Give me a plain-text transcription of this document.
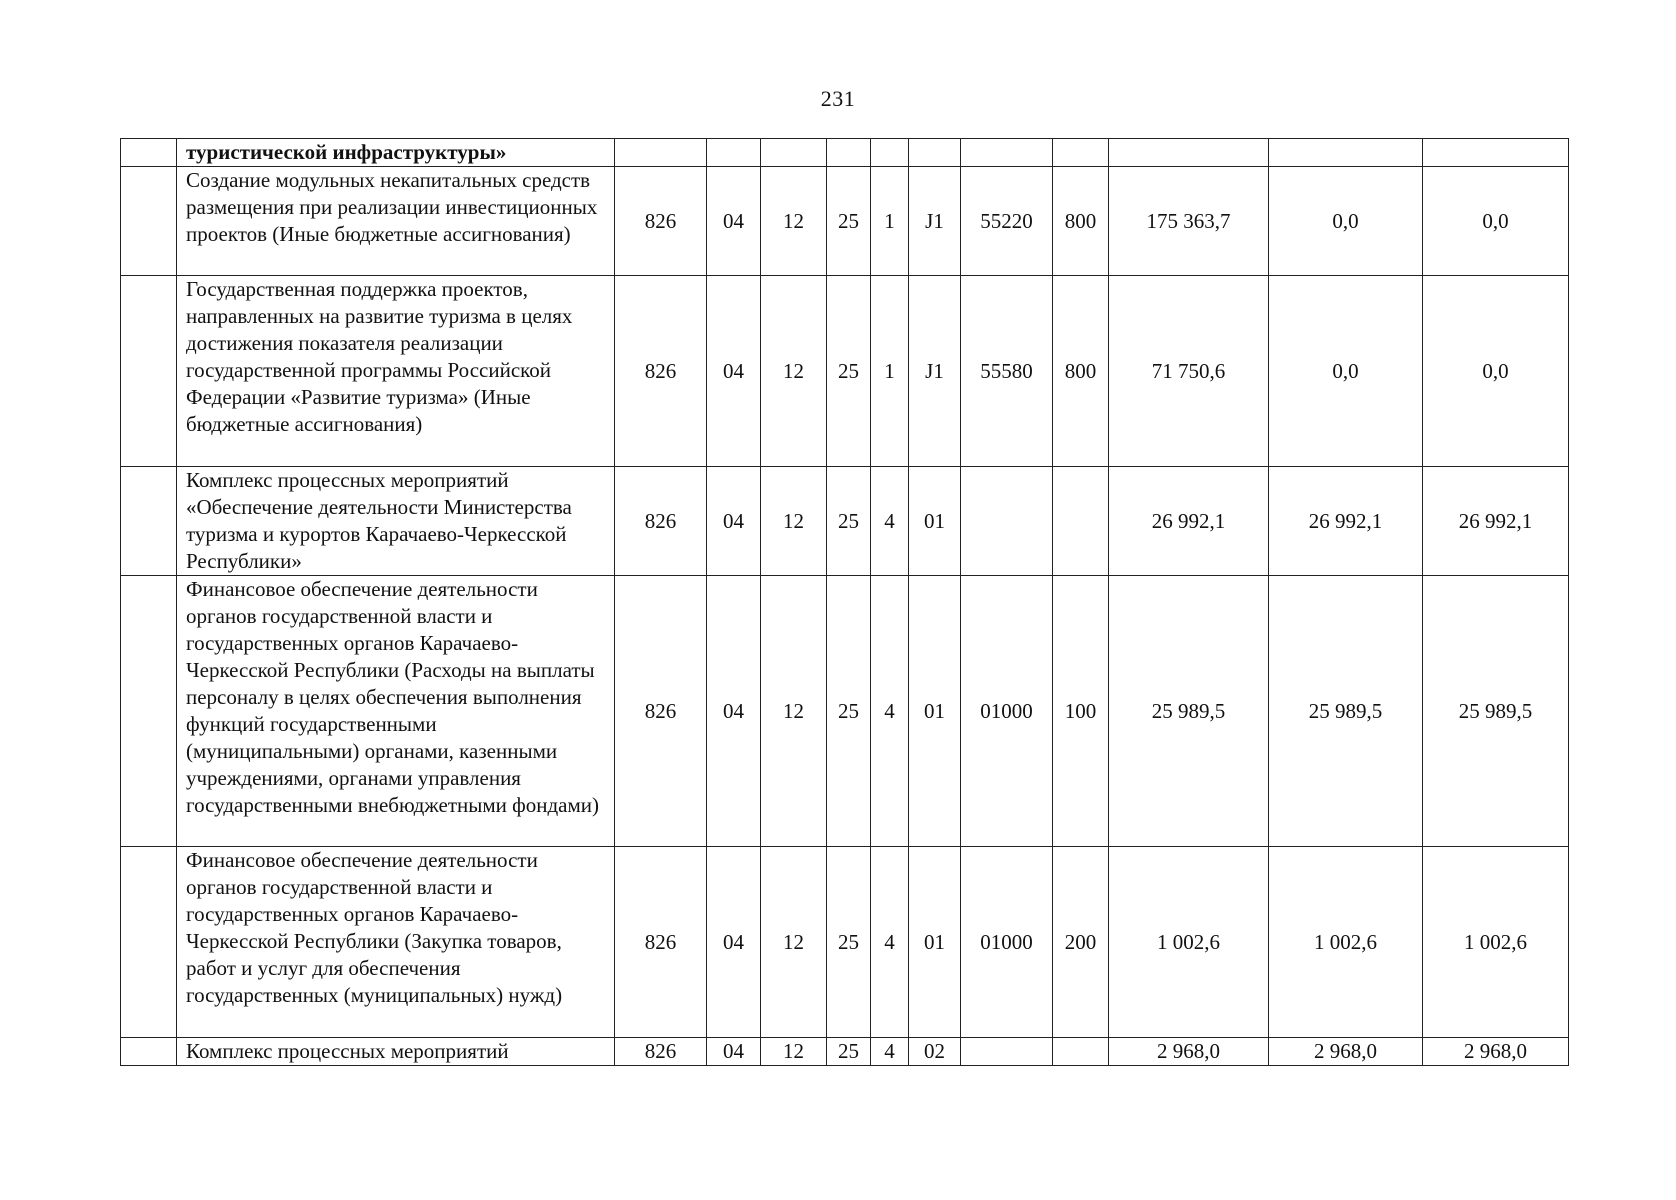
231
	туристической инфраструктуры»											
	Создание модульных некапитальных средств размещения при реализации инвестиционных проектов (Иные бюджетные ассигнования)	826	04	12	25	1	J1	55220	800	175 363,7	0,0	0,0
	Государственная поддержка проектов, направленных на развитие туризма в целях достижения показателя реализации государственной программы Российской Федерации «Развитие туризма» (Иные бюджетные ассигнования)	826	04	12	25	1	J1	55580	800	71 750,6	0,0	0,0
	Комплекс процессных мероприятий «Обеспечение деятельности Министерства туризма и курортов Карачаево-Черкесской Республики»	826	04	12	25	4	01			26 992,1	26 992,1	26 992,1
	Финансовое обеспечение деятельности органов государственной власти и государственных органов Карачаево-Черкесской Республики (Расходы на выплаты персоналу в целях обеспечения выполнения функций государственными (муниципальными) органами, казенными учреждениями, органами управления государственными внебюджетными фондами)	826	04	12	25	4	01	01000	100	25 989,5	25 989,5	25 989,5
	Финансовое обеспечение деятельности органов государственной власти и государственных органов Карачаево-Черкесской Республики (Закупка товаров, работ и услуг для обеспечения государственных (муниципальных) нужд)	826	04	12	25	4	01	01000	200	1 002,6	1 002,6	1 002,6
	Комплекс процессных мероприятий	826	04	12	25	4	02			2 968,0	2 968,0	2 968,0
